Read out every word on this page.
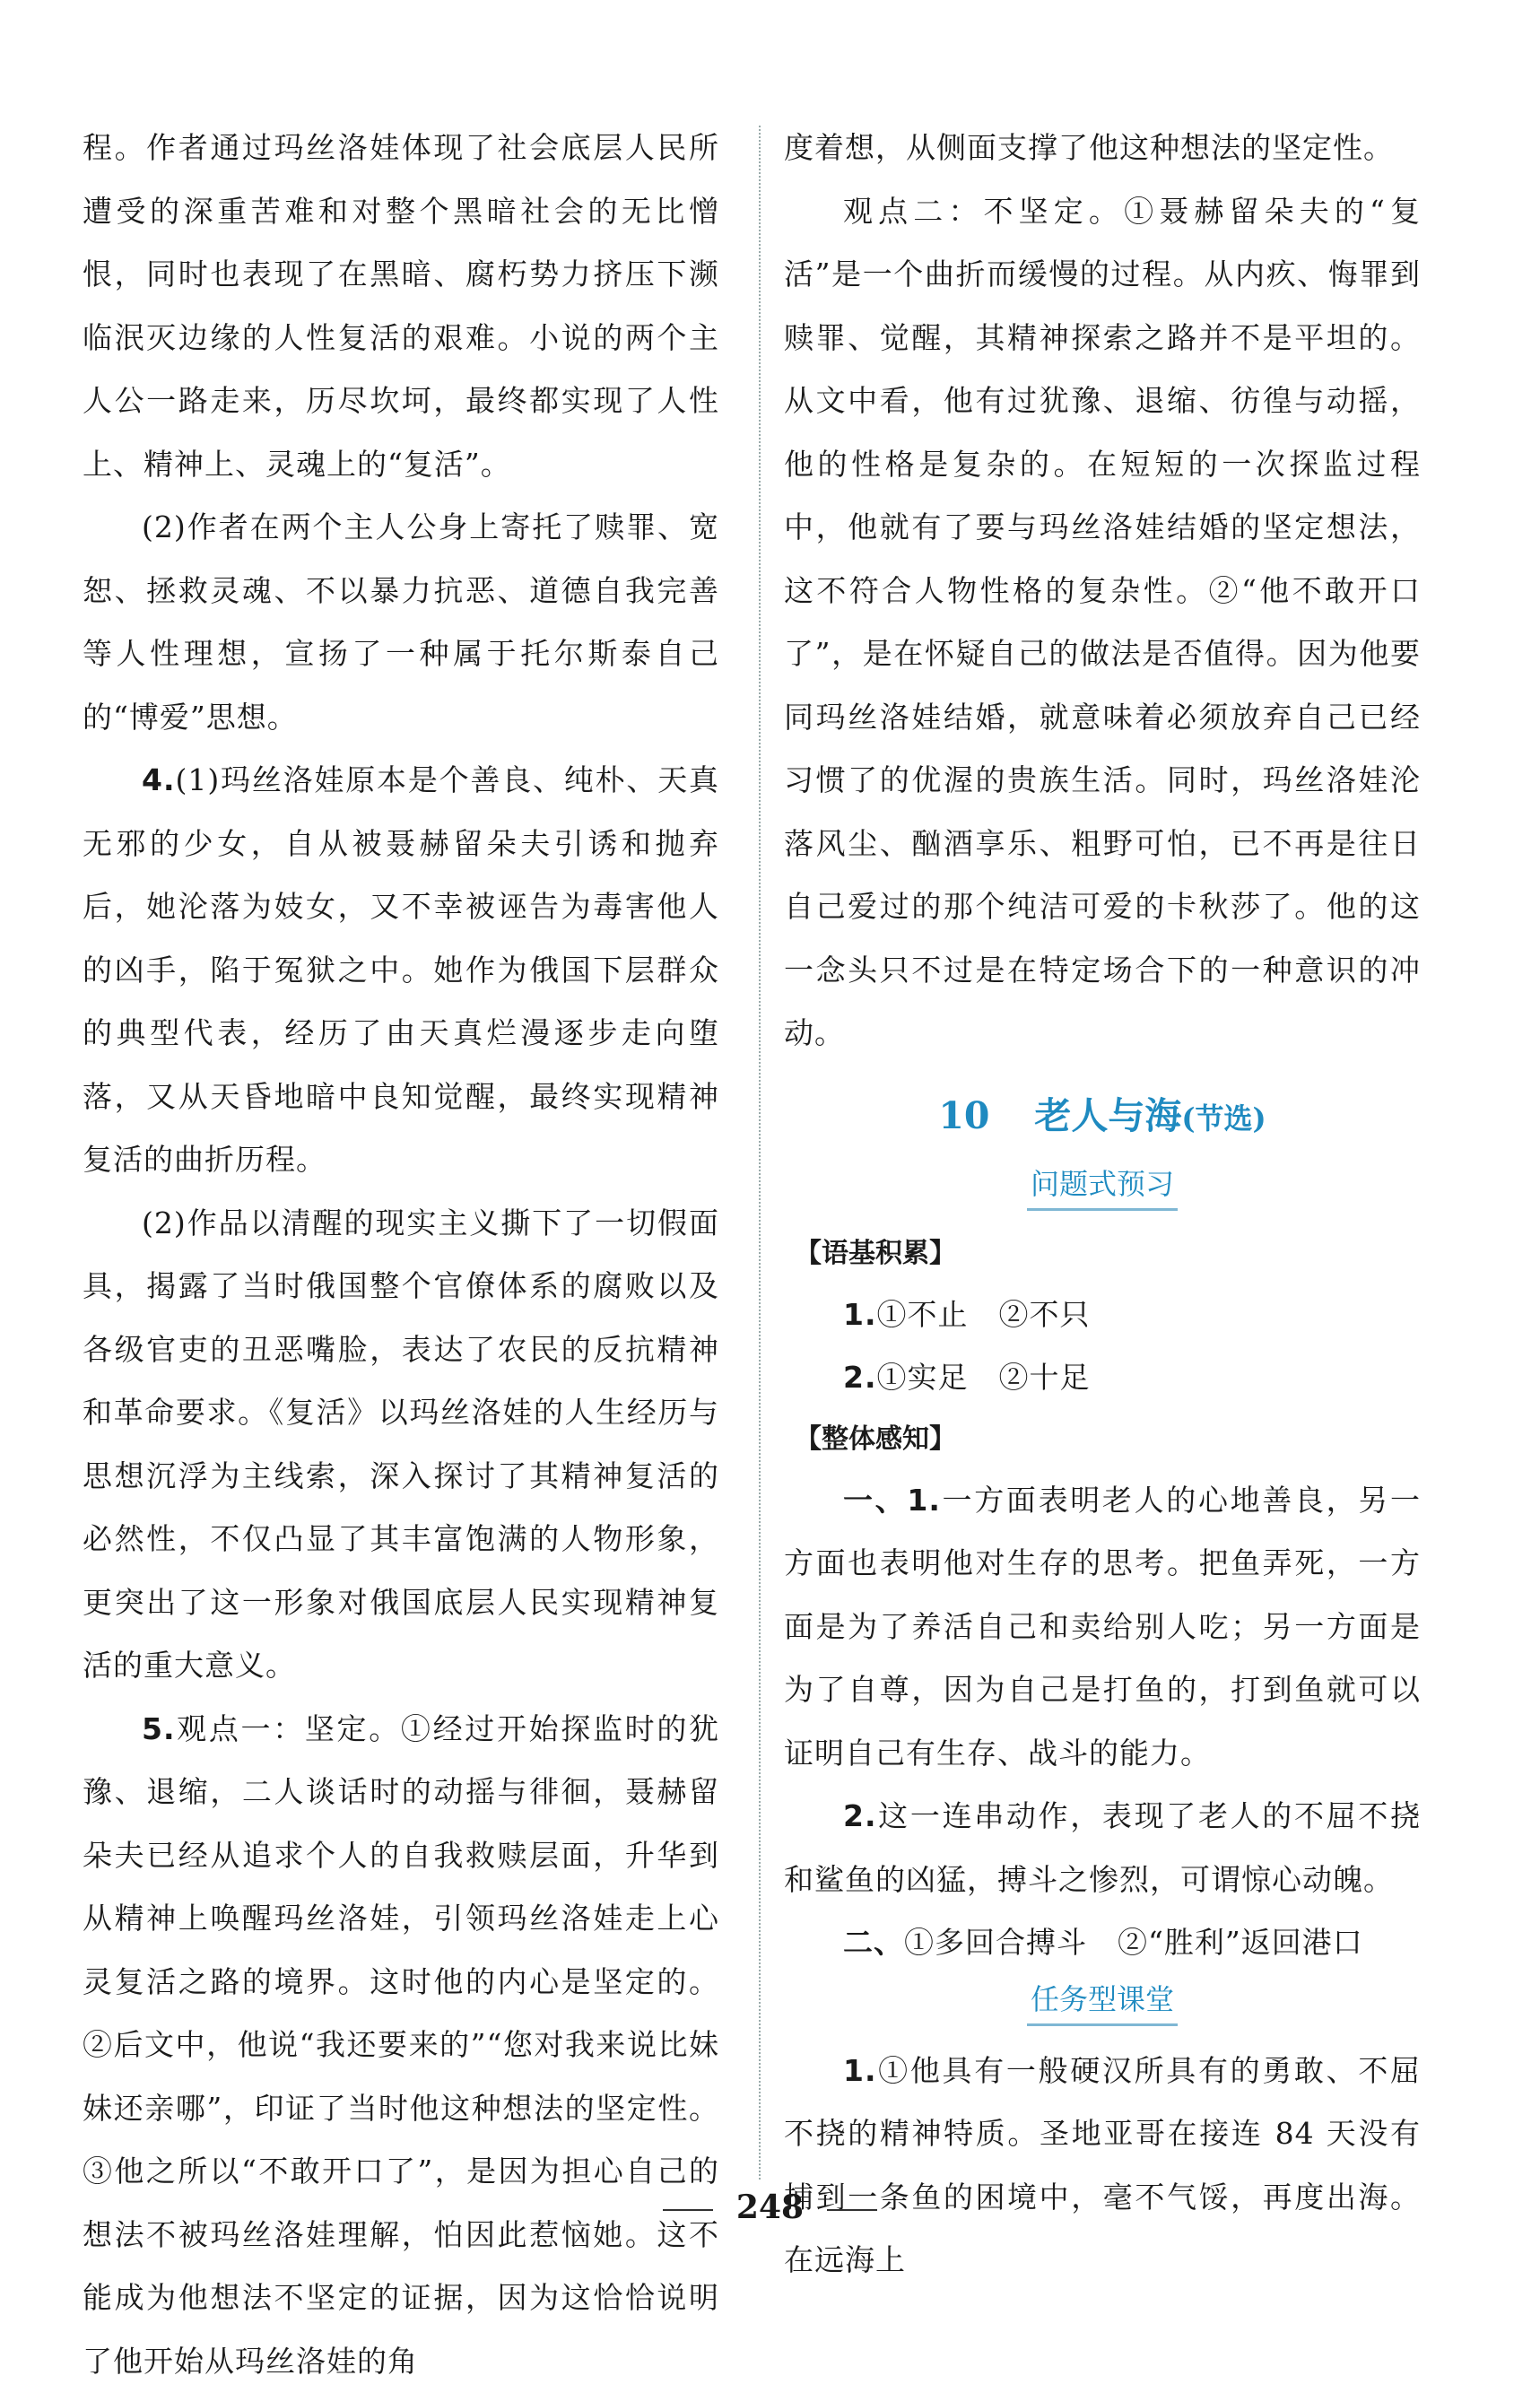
程。作者通过玛丝洛娃体现了社会底层人民所遭受的深重苦难和对整个黑暗社会的无比憎恨，同时也表现了在黑暗、腐朽势力挤压下濒临泯灭边缘的人性复活的艰难。小说的两个主人公一路走来，历尽坎坷，最终都实现了人性上、精神上、灵魂上的“复活”。

(2)作者在两个主人公身上寄托了赎罪、宽恕、拯救灵魂、不以暴力抗恶、道德自我完善等人性理想，宣扬了一种属于托尔斯泰自己的“博爱”思想。

4.(1)玛丝洛娃原本是个善良、纯朴、天真无邪的少女，自从被聂赫留朵夫引诱和抛弃后，她沦落为妓女，又不幸被诬告为毒害他人的凶手，陷于冤狱之中。她作为俄国下层群众的典型代表，经历了由天真烂漫逐步走向堕落，又从天昏地暗中良知觉醒，最终实现精神复活的曲折历程。

(2)作品以清醒的现实主义撕下了一切假面具，揭露了当时俄国整个官僚体系的腐败以及各级官吏的丑恶嘴脸，表达了农民的反抗精神和革命要求。《复活》以玛丝洛娃的人生经历与思想沉浮为主线索，深入探讨了其精神复活的必然性，不仅凸显了其丰富饱满的人物形象，更突出了这一形象对俄国底层人民实现精神复活的重大意义。

5.观点一：坚定。①经过开始探监时的犹豫、退缩，二人谈话时的动摇与徘徊，聂赫留朵夫已经从追求个人的自我救赎层面，升华到从精神上唤醒玛丝洛娃，引领玛丝洛娃走上心灵复活之路的境界。这时他的内心是坚定的。②后文中，他说“我还要来的”“您对我来说比妹妹还亲哪”，印证了当时他这种想法的坚定性。③他之所以“不敢开口了”，是因为担心自己的想法不被玛丝洛娃理解，怕因此惹恼她。这不能成为他想法不坚定的证据，因为这恰恰说明了他开始从玛丝洛娃的角

度着想，从侧面支撑了他这种想法的坚定性。

观点二：不坚定。①聂赫留朵夫的“复活”是一个曲折而缓慢的过程。从内疚、悔罪到赎罪、觉醒，其精神探索之路并不是平坦的。从文中看，他有过犹豫、退缩、彷徨与动摇，他的性格是复杂的。在短短的一次探监过程中，他就有了要与玛丝洛娃结婚的坚定想法，这不符合人物性格的复杂性。②“他不敢开口了”，是在怀疑自己的做法是否值得。因为他要同玛丝洛娃结婚，就意味着必须放弃自己已经习惯了的优渥的贵族生活。同时，玛丝洛娃沦落风尘、酗酒享乐、粗野可怕，已不再是往日自己爱过的那个纯洁可爱的卡秋莎了。他的这一念头只不过是在特定场合下的一种意识的冲动。

10 老人与海(节选)
问题式预习

【语基积累】

1.①不止　②不只

2.①实足　②十足

【整体感知】

一、1.一方面表明老人的心地善良，另一方面也表明他对生存的思考。把鱼弄死，一方面是为了养活自己和卖给别人吃；另一方面是为了自尊，因为自己是打鱼的，打到鱼就可以证明自己有生存、战斗的能力。

2.这一连串动作，表现了老人的不屈不挠和鲨鱼的凶猛，搏斗之惨烈，可谓惊心动魄。

二、①多回合搏斗　②“胜利”返回港口

任务型课堂

1.①他具有一般硬汉所具有的勇敢、不屈不挠的精神特质。圣地亚哥在接连 84 天没有捕到一条鱼的困境中，毫不气馁，再度出海。在远海上

248
